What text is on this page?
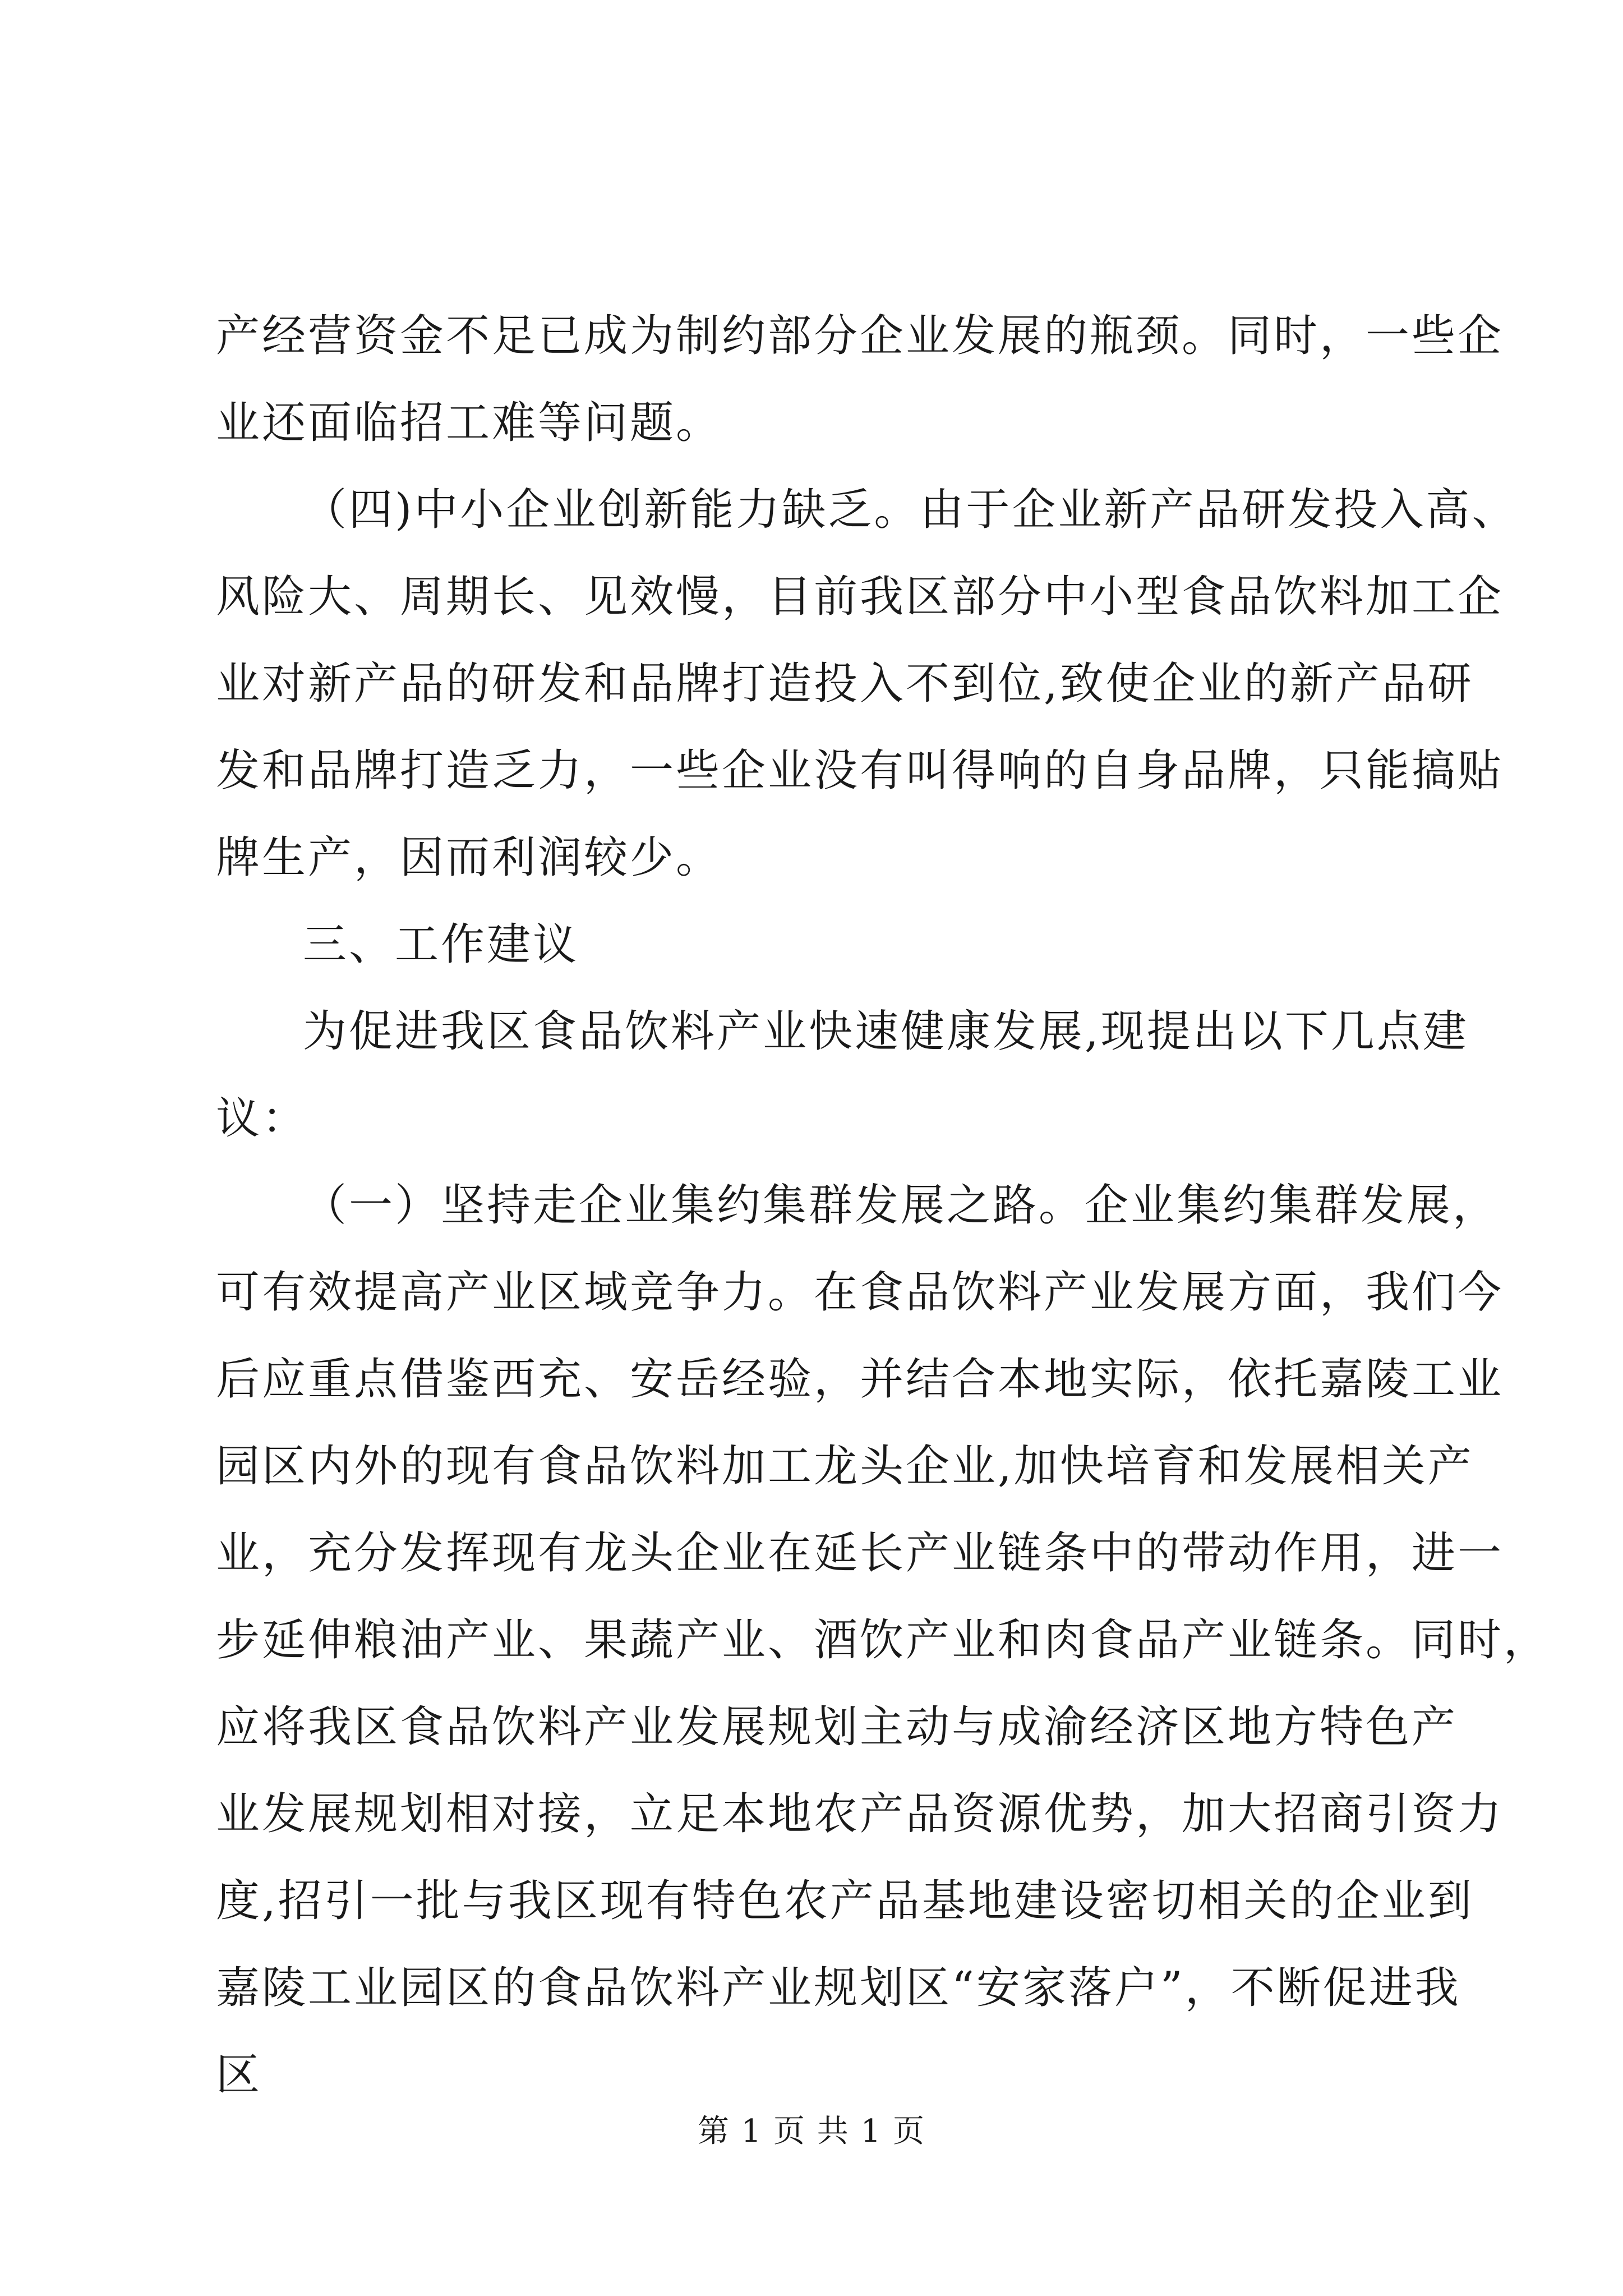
产经营资金不足已成为制约部分企业发展的瓶颈。同时，一些企
业还面临招工难等问题。
（四)中小企业创新能力缺乏。由于企业新产品研发投入高、
风险大、周期长、见效慢，目前我区部分中小型食品饮料加工企
业对新产品的研发和品牌打造投入不到位,致使企业的新产品研
发和品牌打造乏力，一些企业没有叫得响的自身品牌，只能搞贴
牌生产，因而利润较少。
三、工作建议
为促进我区食品饮料产业快速健康发展,现提出以下几点建
议：
（一）坚持走企业集约集群发展之路。企业集约集群发展，
可有效提高产业区域竞争力。在食品饮料产业发展方面，我们今
后应重点借鉴西充、安岳经验，并结合本地实际，依托嘉陵工业
园区内外的现有食品饮料加工龙头企业,加快培育和发展相关产
业，充分发挥现有龙头企业在延长产业链条中的带动作用，进一
步延伸粮油产业、果蔬产业、酒饮产业和肉食品产业链条。同时，
应将我区食品饮料产业发展规划主动与成渝经济区地方特色产
业发展规划相对接，立足本地农产品资源优势，加大招商引资力
度,招引一批与我区现有特色农产品基地建设密切相关的企业到
嘉陵工业园区的食品饮料产业规划区“安家落户”，不断促进我
区
第 1 页 共 1 页
